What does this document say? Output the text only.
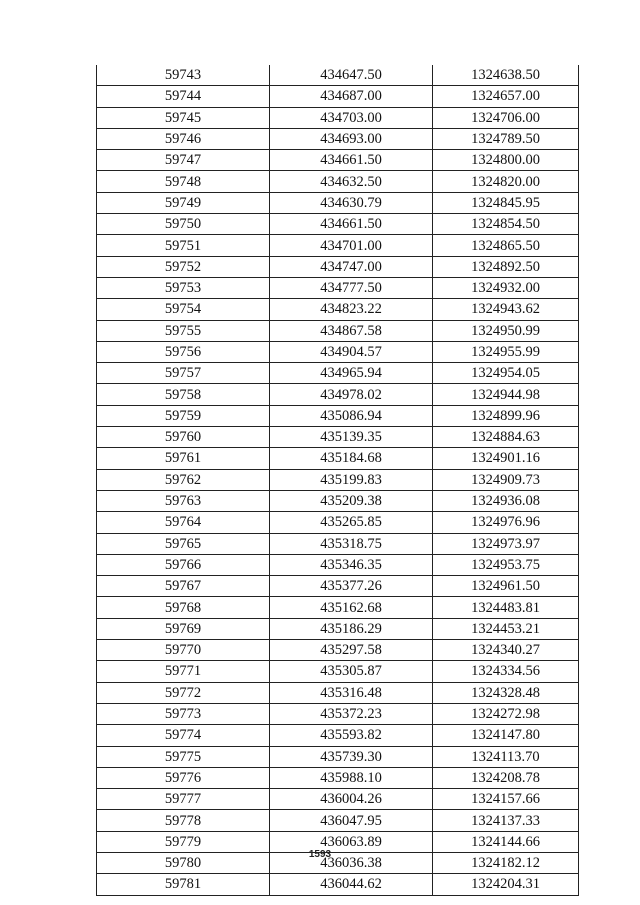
59743	434647.50	1324638.50
59744	434687.00	1324657.00
59745	434703.00	1324706.00
59746	434693.00	1324789.50
59747	434661.50	1324800.00
59748	434632.50	1324820.00
59749	434630.79	1324845.95
59750	434661.50	1324854.50
59751	434701.00	1324865.50
59752	434747.00	1324892.50
59753	434777.50	1324932.00
59754	434823.22	1324943.62
59755	434867.58	1324950.99
59756	434904.57	1324955.99
59757	434965.94	1324954.05
59758	434978.02	1324944.98
59759	435086.94	1324899.96
59760	435139.35	1324884.63
59761	435184.68	1324901.16
59762	435199.83	1324909.73
59763	435209.38	1324936.08
59764	435265.85	1324976.96
59765	435318.75	1324973.97
59766	435346.35	1324953.75
59767	435377.26	1324961.50
59768	435162.68	1324483.81
59769	435186.29	1324453.21
59770	435297.58	1324340.27
59771	435305.87	1324334.56
59772	435316.48	1324328.48
59773	435372.23	1324272.98
59774	435593.82	1324147.80
59775	435739.30	1324113.70
59776	435988.10	1324208.78
59777	436004.26	1324157.66
59778	436047.95	1324137.33
59779	436063.89	1324144.66
59780	436036.38	1324182.12
59781	436044.62	1324204.31
1593
